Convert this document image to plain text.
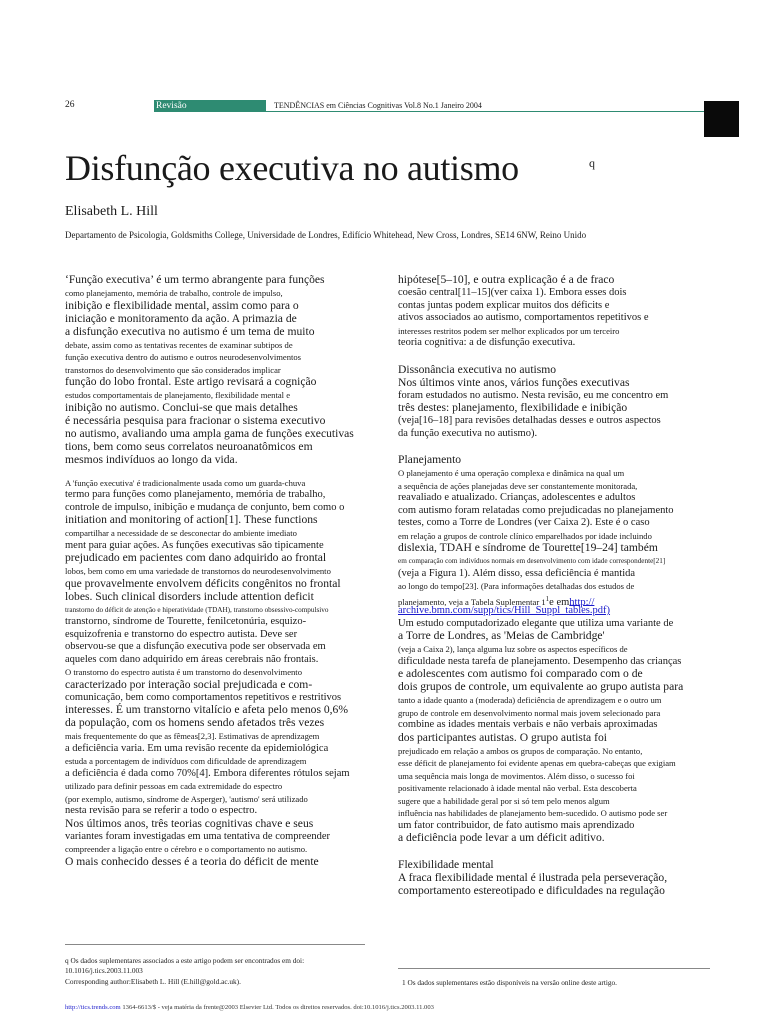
26	Revisão	TENDÊNCIAS em Ciências Cognitivas Vol.8 No.1 Janeiro 2004
Disfunção executiva no autismo	q
Elisabeth L. Hill
Departamento de Psicologia, Goldsmiths College, Universidade de Londres, Edifício Whitehead, New Cross, Londres, SE14 6NW, Reino Unido
‘Função executiva’ é um termo abrangente para funções
como planejamento, memória de trabalho, controle de impulso,
inibição e flexibilidade mental, assim como para o
iniciação e monitoramento da ação. A primazia de
a disfunção executiva no autismo é um tema de muito
debate, assim como as tentativas recentes de examinar subtipos de
função executiva dentro do autismo e outros neurodesenvolvimentos
transtornos do desenvolvimento que são considerados implicar
função do lobo frontal. Este artigo revisará a cognição
estudos comportamentais de planejamento, flexibilidade mental e
inibição no autismo. Conclui-se que mais detalhes
é necessária pesquisa para fracionar o sistema executivo
no autismo, avaliando uma ampla gama de funções executivas
tions, bem como seus correlatos neuroanatômicos em
mesmos indivíduos ao longo da vida.
A 'função executiva' é tradicionalmente usada como um guarda-chuva
termo para funções como planejamento, memória de trabalho,
controle de impulso, inibição e mudança de conjunto, bem como o
initiation and monitoring of action[1]. These functions
compartilhar a necessidade de se desconectar do ambiente imediato
ment para guiar ações. As funções executivas são tipicamente
prejudicado em pacientes com dano adquirido ao frontal
lobos, bem como em uma variedade de transtornos do neurodesenvolvimento
que provavelmente envolvem déficits congênitos no frontal
lobes. Such clinical disorders include attention deficit
transtorno do déficit de atenção e hiperatividade (TDAH), transtorno obsessivo-compulsivo
transtorno, síndrome de Tourette, fenilcetonúria, esquizo-
esquizofrenia e transtorno do espectro autista. Deve ser
observou-se que a disfunção executiva pode ser observada em
aqueles com dano adquirido em áreas cerebrais não frontais.
O transtorno do espectro autista é um transtorno do desenvolvimento
caracterizado por interação social prejudicada e com-
comunicação, bem como comportamentos repetitivos e restritivos
interesses. É um transtorno vitalício e afeta pelo menos 0,6%
da população, com os homens sendo afetados três vezes
mais frequentemente do que as fêmeas[2,3]. Estimativas de aprendizagem
a deficiência varia. Em uma revisão recente da epidemiológica
estuda a porcentagem de indivíduos com dificuldade de aprendizagem
a deficiência é dada como 70%[4]. Embora diferentes rótulos sejam
utilizado para definir pessoas em cada extremidade do espectro
(por exemplo, autismo, síndrome de Asperger), 'autismo' será utilizado
nesta revisão para se referir a todo o espectro.
Nos últimos anos, três teorias cognitivas chave e seus
variantes foram investigadas em uma tentativa de compreender
compreender a ligação entre o cérebro e o comportamento no autismo.
O mais conhecido desses é a teoria do déficit de mente
hipótese[5–10], e outra explicação é a de fraco
coesão central[11–15](ver caixa 1). Embora esses dois
contas juntas podem explicar muitos dos déficits e
ativos associados ao autismo, comportamentos repetitivos e
interesses restritos podem ser melhor explicados por um terceiro
teoria cognitiva: a de disfunção executiva.
Dissonância executiva no autismo
Nos últimos vinte anos, vários funções executivas
foram estudados no autismo. Nesta revisão, eu me concentro em
três destes: planejamento, flexibilidade e inibição
(veja[16–18] para revisões detalhadas desses e outros aspectos
da função executiva no autismo).
Planejamento
O planejamento é uma operação complexa e dinâmica na qual um
a sequência de ações planejadas deve ser constantemente monitorada,
reavaliado e atualizado. Crianças, adolescentes e adultos
com autismo foram relatadas como prejudicadas no planejamento
testes, como a Torre de Londres (ver Caixa 2). Este é o caso
em relação a grupos de controle clínico emparelhados por idade incluindo
dislexia, TDAH e síndrome de Tourette[19–24] também
em comparação com indivíduos normais em desenvolvimento com idade correspondente[21]
(veja a Figura 1). Além disso, essa deficiência é mantida
ao longo do tempo[23]. (Para informações detalhadas dos estudos de
planejamento, veja a Tabela Suplementar $1^1e$ emhttp://
archive.bmn.com/supp/tics/Hill_Suppl_tables.pdf)
Um estudo computadorizado elegante que utiliza uma variante de
a Torre de Londres, as 'Meias de Cambridge'
(veja a Caixa 2), lança alguma luz sobre os aspectos específicos de
dificuldade nesta tarefa de planejamento. Desempenho das crianças
e adolescentes com autismo foi comparado com o de
dois grupos de controle, um equivalente ao grupo autista para
tanto a idade quanto a (moderada) deficiência de aprendizagem e o outro um
grupo de controle em desenvolvimento normal mais jovem selecionado para
combine as idades mentais verbais e não verbais aproximadas
dos participantes autistas. O grupo autista foi
prejudicado em relação a ambos os grupos de comparação. No entanto,
esse déficit de planejamento foi evidente apenas em quebra-cabeças que exigiam
uma sequência mais longa de movimentos. Além disso, o sucesso foi
positivamente relacionado à idade mental não verbal. Esta descoberta
sugere que a habilidade geral por si só tem pelo menos algum
influência nas habilidades de planejamento bem-sucedido. O autismo pode ser
um fator contribuidor, de fato autismo mais aprendizado
a deficiência pode levar a um déficit aditivo.
Flexibilidade mental
A fraca flexibilidade mental é ilustrada pela perseveração,
comportamento estereotipado e dificuldades na regulação
q Os dados suplementares associados a este artigo podem ser encontrados em doi:
10.1016/j.tics.2003.11.003
Corresponding author:Elisabeth L. Hill (E.hill@gold.ac.uk).	1 Os dados suplementares estão disponíveis na versão online deste artigo.
http://tics.trends.com 1364-6613/$ - veja matéria da frente@2003 Elsevier Ltd. Todos os direitos reservados. doi:10.1016/j.tics.2003.11.003
